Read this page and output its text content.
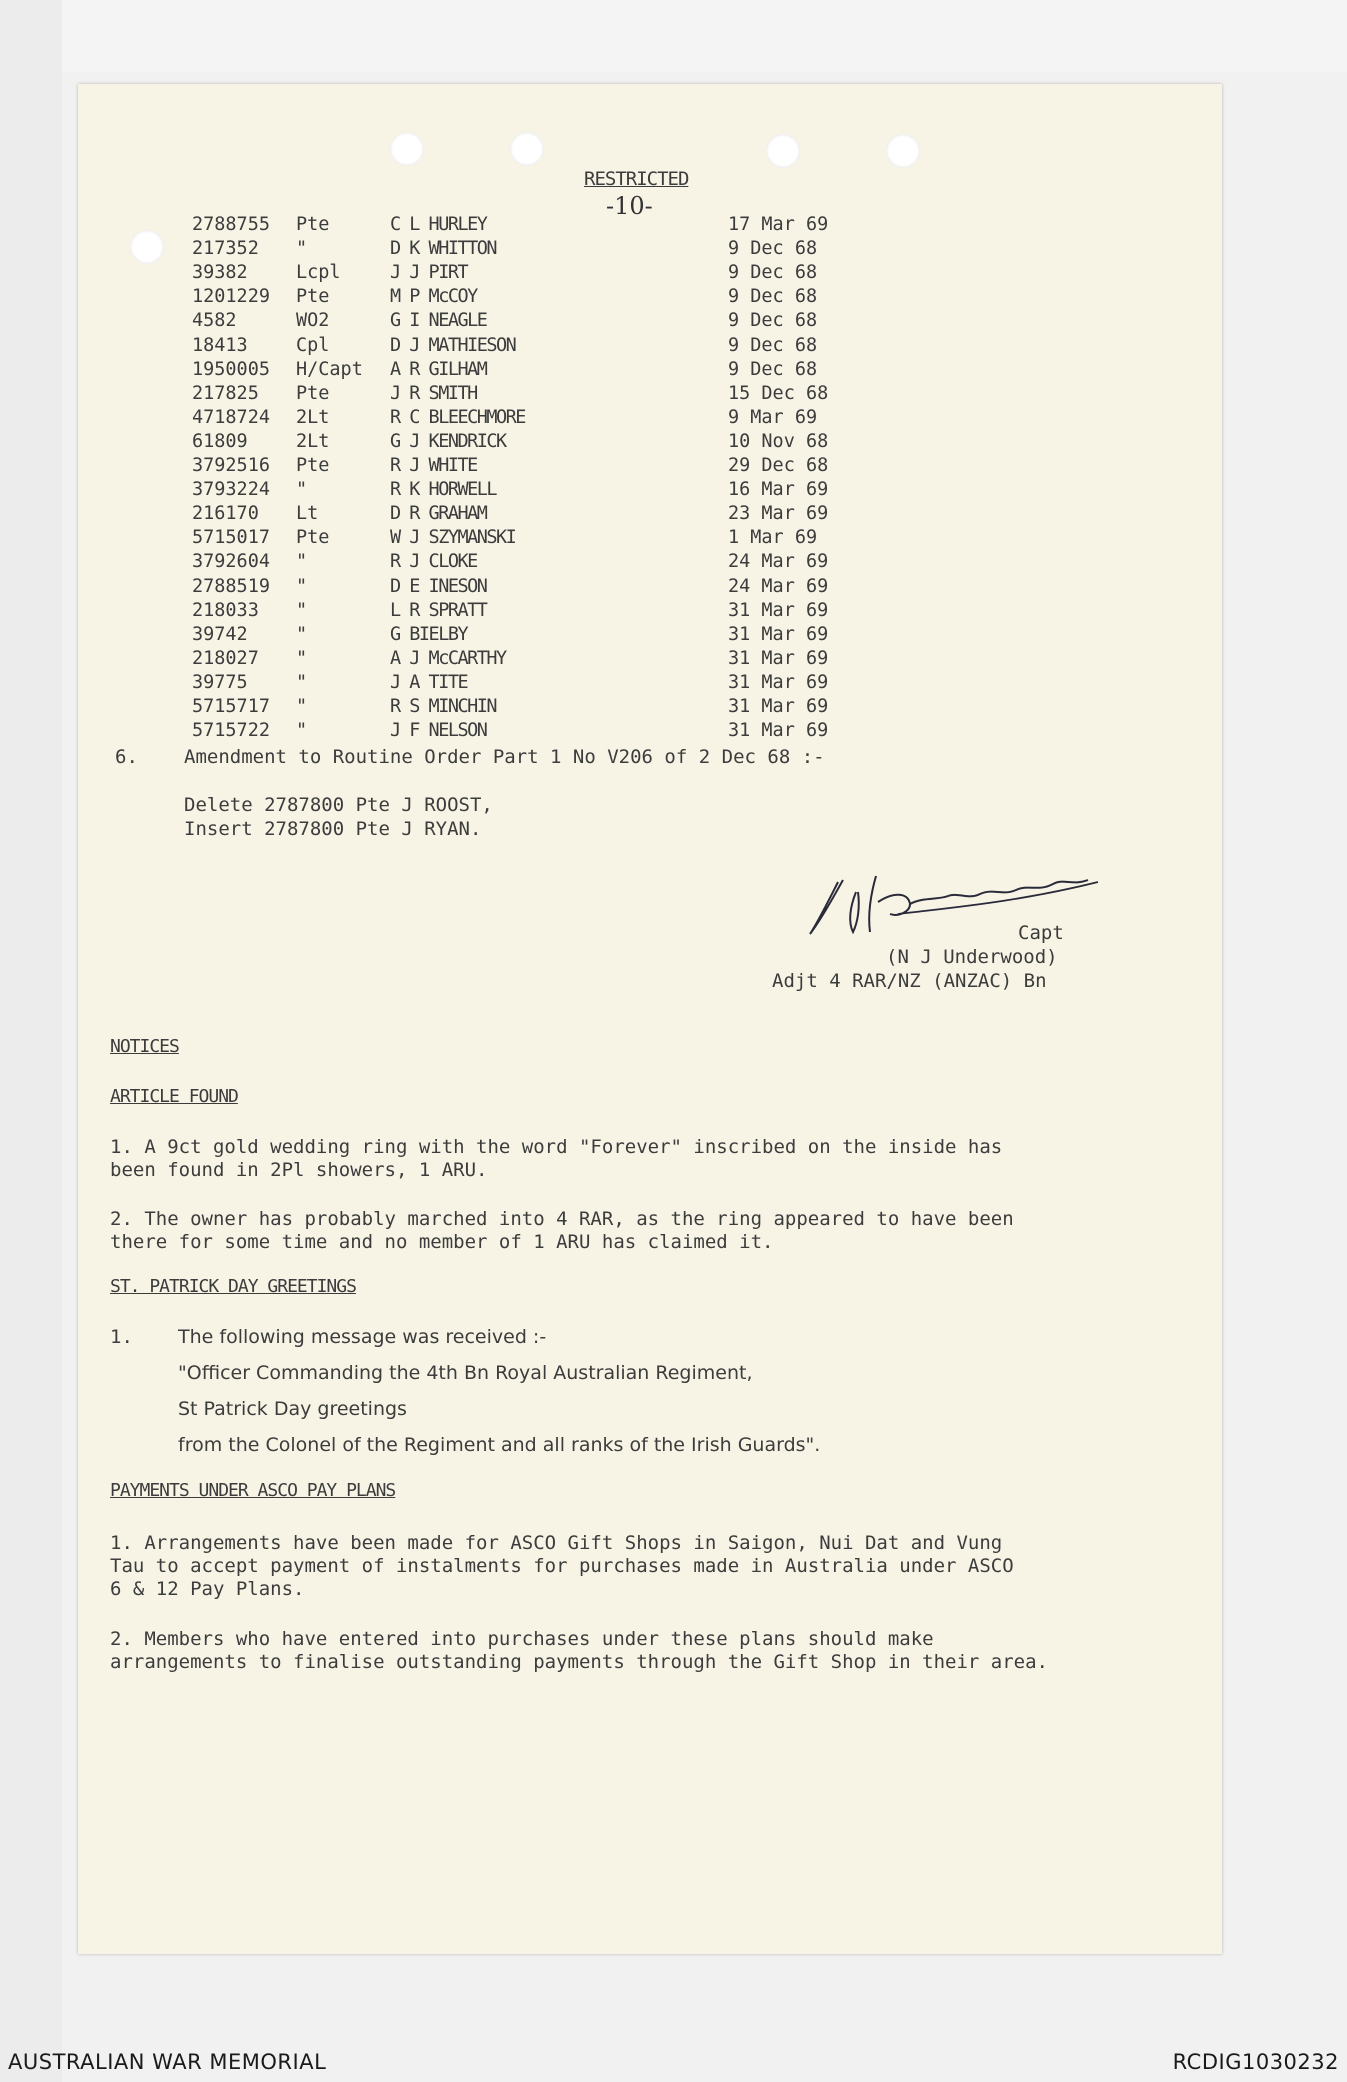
RESTRICTED
-10-
2788755 Pte	C L HURLEY	17 Mar 69
217352 "	D K WHITTON	9 Dec 68
39382	Lcpl	J J PIRT	9 Dec 68
1201229 Pte	M P McCOY	9 Dec 68
4582	WO2	G I NEAGLE	9 Dec 68
18413	Cpl	D J MATHIESON	9 Dec 68
1950005 H/Capt A R GILHAM	9 Dec 68
217825 Pte	J R SMITH	15 Dec 68
4718724 2Lt	R C BLEECHMORE	9 Mar 69
61809	2Lt	G J KENDRICK	10 Nov 68
3792516 Pte	R J WHITE	29 Dec 68
3793224 "	R K HORWELL	16 Mar 69
216170 Lt	D R GRAHAM	23 Mar 69
5715017 Pte	W J SZYMANSKI	1 Mar 69
3792604 "	R J CLOKE	24 Mar 69
2788519 "	D E INESON	24 Mar 69
218033 "	L R SPRATT	31 Mar 69
39742	"	G BIELBY	31 Mar 69
218027 "	A J McCARTHY	31 Mar 69
39775	"	J A TITE	31 Mar 69
5715717 "	R S MINCHIN	31 Mar 69
5715722 "	J F NELSON	31 Mar 69
6. Amendment to Routine Order Part 1 No V206 of 2 Dec 68 :-
Delete 2787800 Pte J ROOST,
Insert 2787800 Pte J RYAN.
Capt
(N J Underwood)
Adjt 4 RAR/NZ (ANZAC) Bn
NOTICES
ARTICLE FOUND
1. A 9ct gold wedding ring with the word "Forever" inscribed on the inside has
been found in 2Pl showers, 1 ARU.
2. The owner has probably marched into 4 RAR, as the ring appeared to have been
there for some time and no member of 1 ARU has claimed it.
ST. PATRICK DAY GREETINGS
1. The following message was received :-
"Officer Commanding the 4th Bn Royal Australian Regiment,
St Patrick Day greetings
from the Colonel of the Regiment and all ranks of the Irish Guards".
PAYMENTS UNDER ASCO PAY PLANS
1. Arrangements have been made for ASCO Gift Shops in Saigon, Nui Dat and Vung
Tau to accept payment of instalments for purchases made in Australia under ASCO
6 & 12 Pay Plans.
2. Members who have entered into purchases under these plans should make
arrangements to finalise outstanding payments through the Gift Shop in their area.
AUSTRALIAN WAR MEMORIAL	RCDIG1030232
